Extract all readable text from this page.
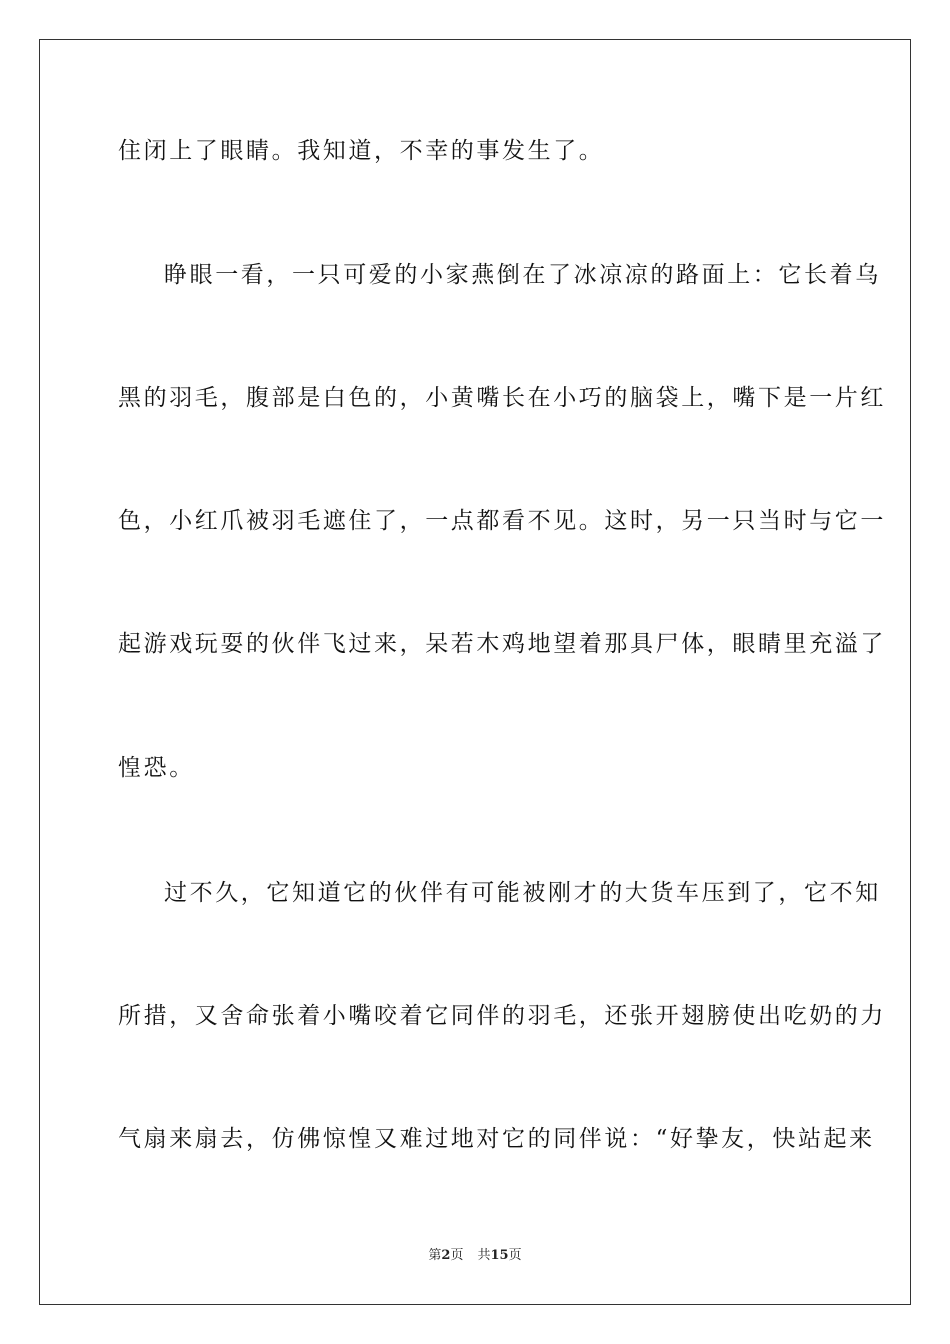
住闭上了眼睛。我知道，不幸的事发生了。
睁眼一看，一只可爱的小家燕倒在了冰凉凉的路面上：它长着乌
黑的羽毛，腹部是白色的，小黄嘴长在小巧的脑袋上，嘴下是一片红
色，小红爪被羽毛遮住了，一点都看不见。这时，另一只当时与它一
起游戏玩耍的伙伴飞过来，呆若木鸡地望着那具尸体，眼睛里充溢了
惶恐。
过不久，它知道它的伙伴有可能被刚才的大货车压到了，它不知
所措，又舍命张着小嘴咬着它同伴的羽毛，还张开翅膀使出吃奶的力
气扇来扇去，仿佛惊惶又难过地对它的同伴说：“好挚友，快站起来
第2页 共15页
